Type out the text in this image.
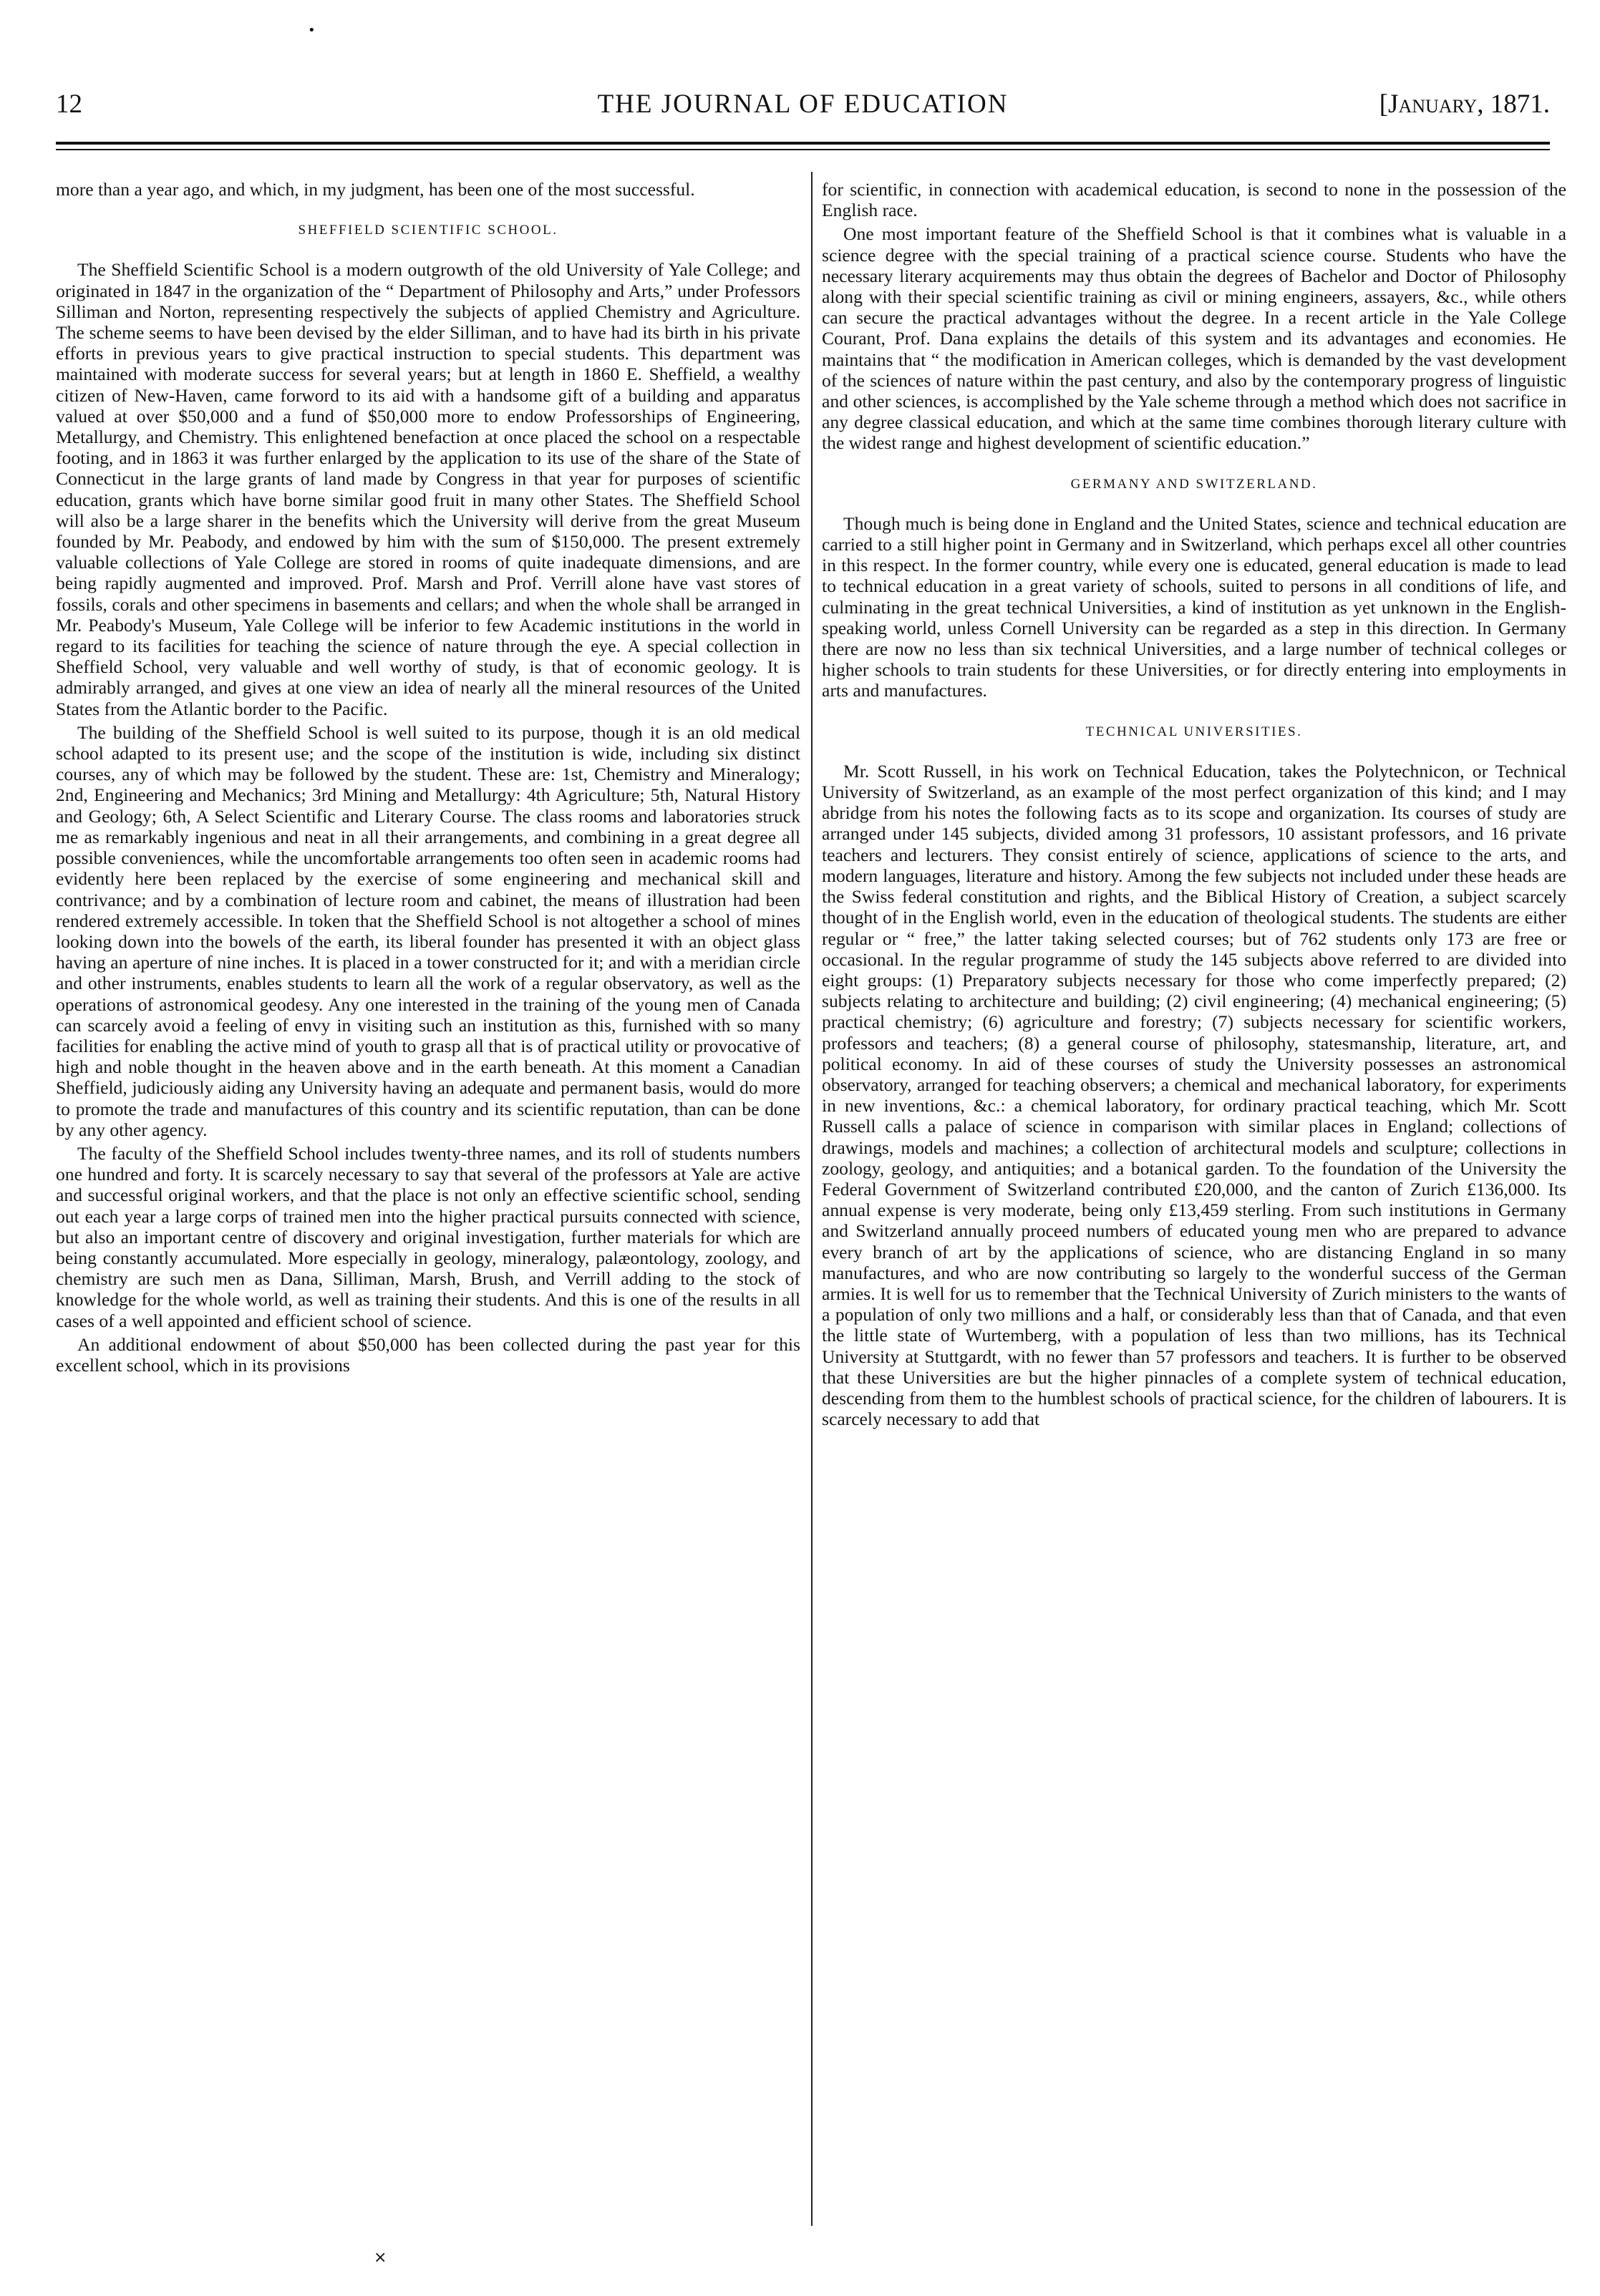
•
12	THE JOURNAL OF EDUCATION	[January, 1871.

more than a year ago, and which, in my judgment, has been one of the most successful.

SHEFFIELD SCIENTIFIC SCHOOL.

The Sheffield Scientific School is a modern outgrowth of the old University of Yale College; and originated in 1847 in the organization of the “ Department of Philosophy and Arts,” under Professors Silliman and Norton, representing respectively the subjects of applied Chemistry and Agriculture. The scheme seems to have been devised by the elder Silliman, and to have had its birth in his private efforts in previous years to give practical instruction to special students. This department was maintained with moderate success for several years; but at length in 1860 E. Sheffield, a wealthy citizen of New-Haven, came forword to its aid with a handsome gift of a building and apparatus valued at over $50,000 and a fund of $50,000 more to endow Professorships of Engineering, Metallurgy, and Chemistry. This enlightened benefaction at once placed the school on a respectable footing, and in 1863 it was further enlarged by the application to its use of the share of the State of Connecticut in the large grants of land made by Congress in that year for purposes of scientific education, grants which have borne similar good fruit in many other States. The Sheffield School will also be a large sharer in the benefits which the University will derive from the great Museum founded by Mr. Peabody, and endowed by him with the sum of $150,000. The present extremely valuable collections of Yale College are stored in rooms of quite inadequate dimensions, and are being rapidly augmented and improved. Prof. Marsh and Prof. Verrill alone have vast stores of fossils, corals and other specimens in basements and cellars; and when the whole shall be arranged in Mr. Peabody's Museum, Yale College will be inferior to few Academic institutions in the world in regard to its facilities for teaching the science of nature through the eye. A special collection in Sheffield School, very valuable and well worthy of study, is that of economic geology. It is admirably arranged, and gives at one view an idea of nearly all the mineral resources of the United States from the Atlantic border to the Pacific.

The building of the Sheffield School is well suited to its purpose, though it is an old medical school adapted to its present use; and the scope of the institution is wide, including six distinct courses, any of which may be followed by the student. These are: 1st, Chemistry and Mineralogy; 2nd, Engineering and Mechanics; 3rd Mining and Metallurgy: 4th Agriculture; 5th, Natural History and Geology; 6th, A Select Scientific and Literary Course. The class rooms and laboratories struck me as remarkably ingenious and neat in all their arrangements, and combining in a great degree all possible conveniences, while the uncomfortable arrangements too often seen in academic rooms had evidently here been replaced by the exercise of some engineering and mechanical skill and contrivance; and by a combination of lecture room and cabinet, the means of illustration had been rendered extremely accessible. In token that the Sheffield School is not altogether a school of mines looking down into the bowels of the earth, its liberal founder has presented it with an object glass having an aperture of nine inches. It is placed in a tower constructed for it; and with a meridian circle and other instruments, enables students to learn all the work of a regular observatory, as well as the operations of astronomical geodesy. Any one interested in the training of the young men of Canada can scarcely avoid a feeling of envy in visiting such an institution as this, furnished with so many facilities for enabling the active mind of youth to grasp all that is of practical utility or provocative of high and noble thought in the heaven above and in the earth beneath. At this moment a Canadian Sheffield, judiciously aiding any University having an adequate and permanent basis, would do more to promote the trade and manufactures of this country and its scientific reputation, than can be done by any other agency.

The faculty of the Sheffield School includes twenty-three names, and its roll of students numbers one hundred and forty. It is scarcely necessary to say that several of the professors at Yale are active and successful original workers, and that the place is not only an effective scientific school, sending out each year a large corps of trained men into the higher practical pursuits connected with science, but also an important centre of discovery and original investigation, further materials for which are being constantly accumulated. More especially in geology, mineralogy, palæontology, zoology, and chemistry are such men as Dana, Silliman, Marsh, Brush, and Verrill adding to the stock of knowledge for the whole world, as well as training their students. And this is one of the results in all cases of a well appointed and efficient school of science.

An additional endowment of about $50,000 has been collected during the past year for this excellent school, which in its provisions

for scientific, in connection with academical education, is second to none in the possession of the English race.

One most important feature of the Sheffield School is that it combines what is valuable in a science degree with the special training of a practical science course. Students who have the necessary literary acquirements may thus obtain the degrees of Bachelor and Doctor of Philosophy along with their special scientific training as civil or mining engineers, assayers, &c., while others can secure the practical advantages without the degree. In a recent article in the Yale College Courant, Prof. Dana explains the details of this system and its advantages and economies. He maintains that “ the modification in American colleges, which is demanded by the vast development of the sciences of nature within the past century, and also by the contemporary progress of linguistic and other sciences, is accomplished by the Yale scheme through a method which does not sacrifice in any degree classical education, and which at the same time combines thorough literary culture with the widest range and highest development of scientific education.”

GERMANY AND SWITZERLAND.

Though much is being done in England and the United States, science and technical education are carried to a still higher point in Germany and in Switzerland, which perhaps excel all other countries in this respect. In the former country, while every one is educated, general education is made to lead to technical education in a great variety of schools, suited to persons in all conditions of life, and culminating in the great technical Universities, a kind of institution as yet unknown in the English-speaking world, unless Cornell University can be regarded as a step in this direction. In Germany there are now no less than six technical Universities, and a large number of technical colleges or higher schools to train students for these Universities, or for directly entering into employments in arts and manufactures.

TECHNICAL UNIVERSITIES.

Mr. Scott Russell, in his work on Technical Education, takes the Polytechnicon, or Technical University of Switzerland, as an example of the most perfect organization of this kind; and I may abridge from his notes the following facts as to its scope and organization. Its courses of study are arranged under 145 subjects, divided among 31 professors, 10 assistant professors, and 16 private teachers and lecturers. They consist entirely of science, applications of science to the arts, and modern languages, literature and history. Among the few subjects not included under these heads are the Swiss federal constitution and rights, and the Biblical History of Creation, a subject scarcely thought of in the English world, even in the education of theological students. The students are either regular or “ free,” the latter taking selected courses; but of 762 students only 173 are free or occasional. In the regular programme of study the 145 subjects above referred to are divided into eight groups: (1) Preparatory subjects necessary for those who come imperfectly prepared; (2) subjects relating to architecture and building; (2) civil engineering; (4) mechanical engineering; (5) practical chemistry; (6) agriculture and forestry; (7) subjects necessary for scientific workers, professors and teachers; (8) a general course of philosophy, statesmanship, literature, art, and political economy. In aid of these courses of study the University possesses an astronomical observatory, arranged for teaching observers; a chemical and mechanical laboratory, for experiments in new inventions, &c.: a chemical laboratory, for ordinary practical teaching, which Mr. Scott Russell calls a palace of science in comparison with similar places in England; collections of drawings, models and machines; a collection of architectural models and sculpture; collections in zoology, geology, and antiquities; and a botanical garden. To the foundation of the University the Federal Government of Switzerland contributed £20,000, and the canton of Zurich £136,000. Its annual expense is very moderate, being only £13,459 sterling. From such institutions in Germany and Switzerland annually proceed numbers of educated young men who are prepared to advance every branch of art by the applications of science, who are distancing England in so many manufactures, and who are now contributing so largely to the wonderful success of the German armies. It is well for us to remember that the Technical University of Zurich ministers to the wants of a population of only two millions and a half, or considerably less than that of Canada, and that even the little state of Wurtemberg, with a population of less than two millions, has its Technical University at Stuttgardt, with no fewer than 57 professors and teachers. It is further to be observed that these Universities are but the higher pinnacles of a complete system of technical education, descending from them to the humblest schools of practical science, for the children of labourers. It is scarcely necessary to add that

×
